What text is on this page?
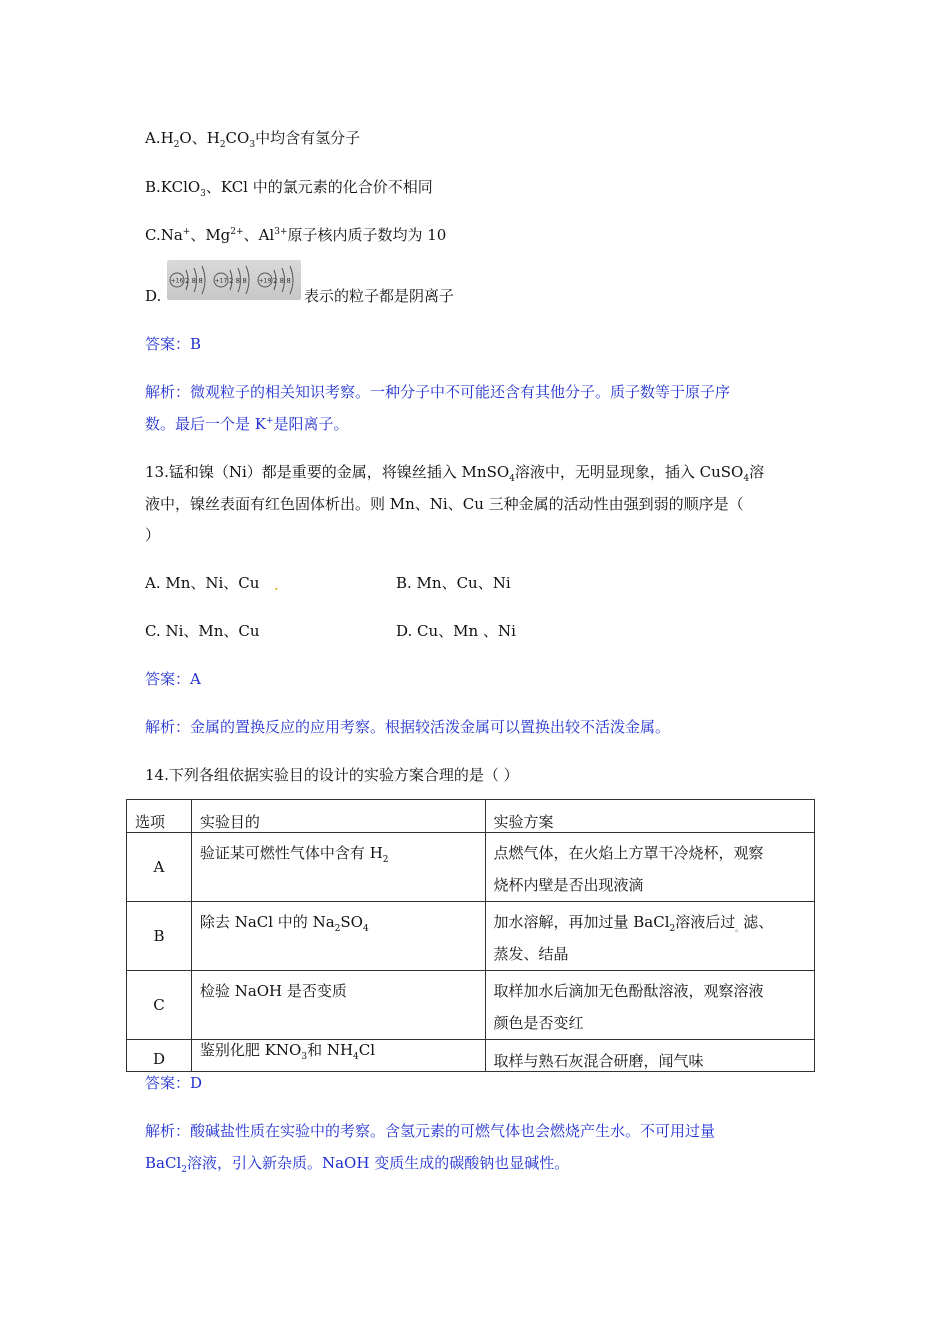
$A.H_2O$、$H_2CO_3$中均含有氢分子
B.KClO$_3$、KCl 中的氯元素的化合价不相同
C.Na+、$Mg^{2+}$、$Al^{3+}$原子核内质子数均为 10
D.
+16 2 8 8 +17 2 8 8 +19 2 8 8
表示的粒子都是阴离子
答案：B
解析：微观粒子的相关知识考察。一种分子中不可能还含有其他分子。质子数等于原子序
数。最后一个是 K+是阳离子。
13.锰和镍（Ni）都是重要的金属，将镍丝插入 MnSO$_4$溶液中，无明显现象，插入 CuSO$_4$溶
液中，镍丝表面有红色固体析出。则 Mn、Ni、Cu 三种金属的活动性由强到弱的顺序是（
）
A. Mn、Ni、Cu .	B. Mn、Cu、Ni
C. Ni、Mn、Cu	D. Cu、Mn 、Ni
答案：A
解析：金属的置换反应的应用考察。根据较活泼金属可以置换出较不活泼金属。
14.下列各组依据实验目的设计的实验方案合理的是（ ）
选项	实验目的	实验方案
A	验证某可燃性气体中含有 $H_2$	点燃气体，在火焰上方罩干冷烧杯，观察
烧杯内壁是否出现液滴

B	除去 NaCl 中的 $Na_2SO_4$	加水溶解，再加过量 BaCl$_2$溶液后过$_。$滤、
蒸发、结晶

C	检验 NaOH 是否变质	取样加水后滴加无色酚酞溶液，观察溶液
颜色是否变红

D	鉴别化肥 $KNO_3$和 $NH_4Cl$	取样与熟石灰混合研磨，闻气味
答案：D
解析：酸碱盐性质在实验中的考察。含氢元素的可燃气体也会燃烧产生水。不可用过量
BaCl$_2$溶液，引入新杂质。NaOH 变质生成的碳酸钠也显碱性。
